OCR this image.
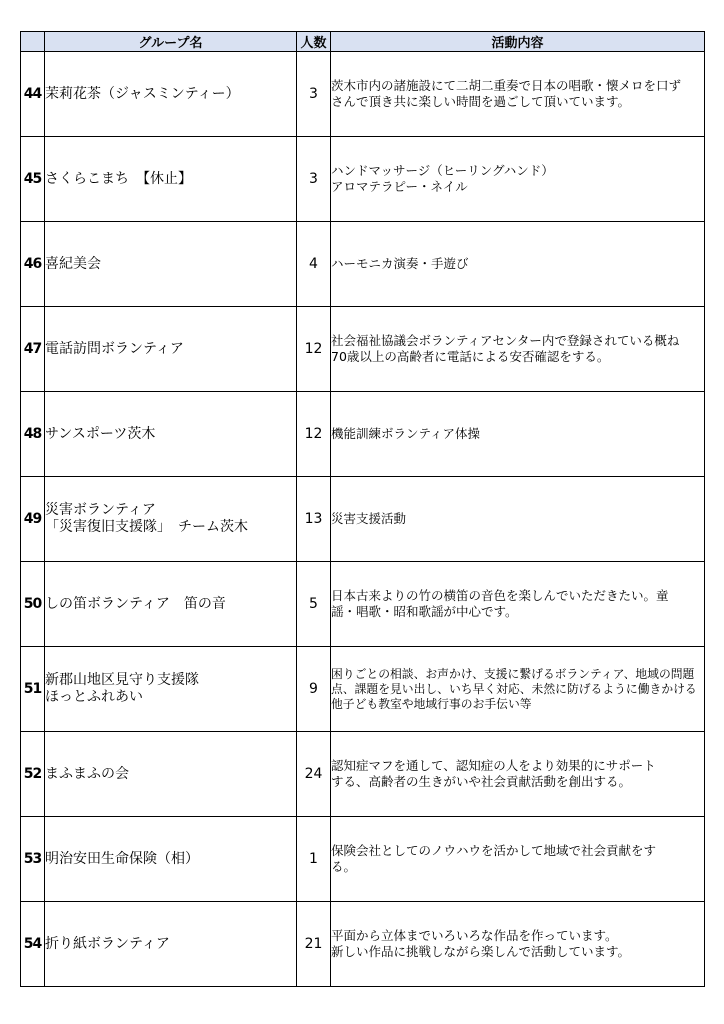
	グループ名	人数	活動内容
44	茉莉花茶（ジャスミンティー）	3	茨木市内の諸施設にて二胡二重奏で日本の唱歌・懐メロを口ず
さんで頂き共に楽しい時間を過ごして頂いています。

45	さくらこまち　【休止】	3	ハンドマッサージ（ヒーリングハンド）
アロマテラピー・ネイル

46	喜紀美会	4	ハーモニカ演奏・手遊び

47	電話訪問ボランティア	12	社会福祉協議会ボランティアセンター内で登録されている概ね
70歳以上の高齢者に電話による安否確認をする。

48	サンスポーツ茨木	12	機能訓練ボランティア体操

49	災害ボランティア
「災害復旧支援隊」　チーム茨木	13	災害支援活動

50	しの笛ボランティア　笛の音	5	日本古来よりの竹の横笛の音色を楽しんでいただきたい。童
謡・唱歌・昭和歌謡が中心です。

51	新郡山地区見守り支援隊
ほっとふれあい	9	困りごとの相談、お声かけ、支援に繋げるボランティア、地域の問題
点、課題を見い出し、いち早く対応、未然に防げるように働きかける
他子ども教室や地域行事のお手伝い等

52	まふまふの会	24	認知症マフを通して、認知症の人をより効果的にサポート
する、高齢者の生きがいや社会貢献活動を創出する。

53	明治安田生命保険（相）	1	保険会社としてのノウハウを活かして地域で社会貢献をす
る。

54	折り紙ボランティア	21	平面から立体までいろいろな作品を作っています。
新しい作品に挑戦しながら楽しんで活動しています。
